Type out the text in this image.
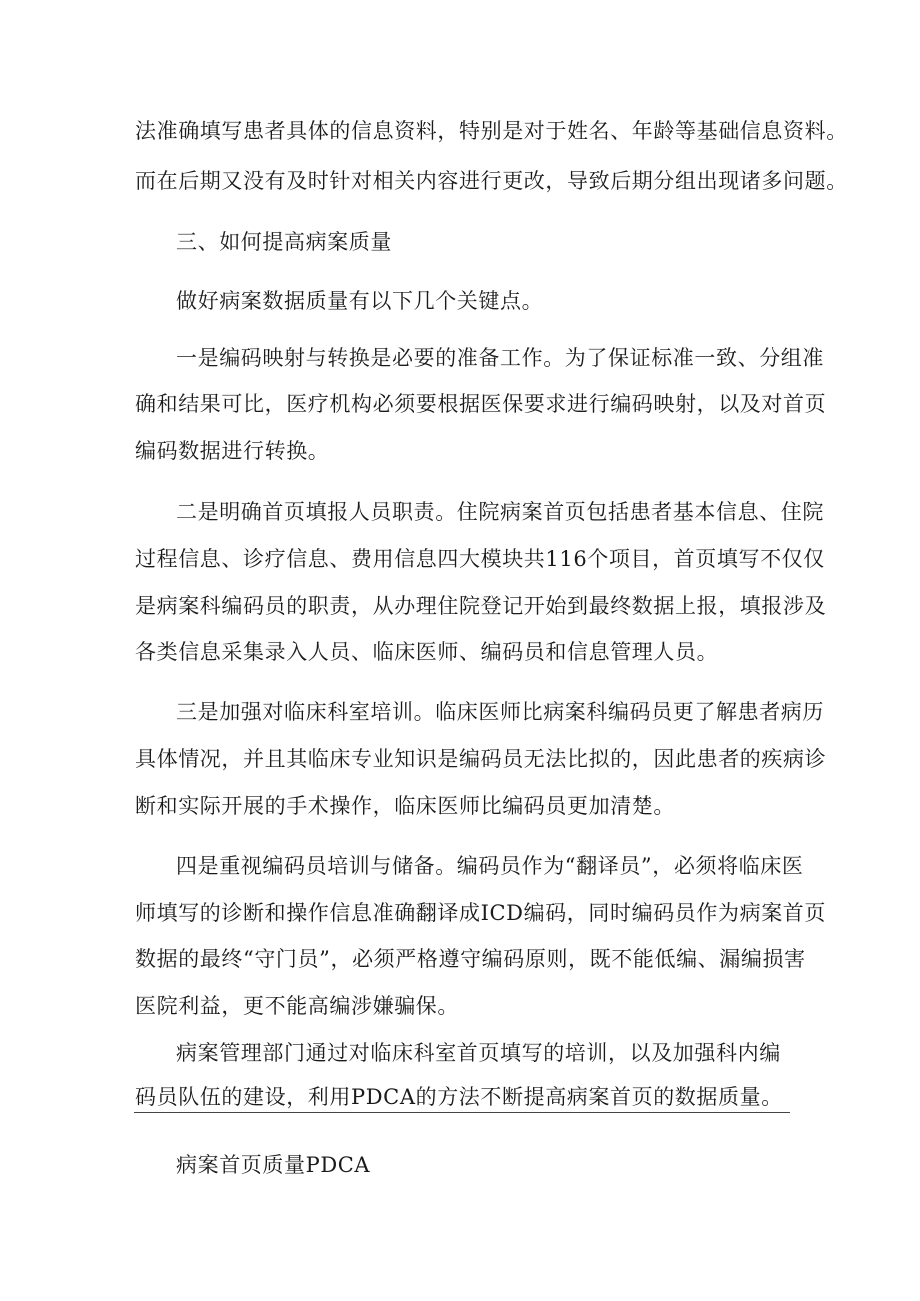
法准确填写患者具体的信息资料，特别是对于姓名、年龄等基础信息资料。
而在后期又没有及时针对相关内容进行更改，导致后期分组出现诸多问题。
三、如何提高病案质量
做好病案数据质量有以下几个关键点。
一是编码映射与转换是必要的准备工作。为了保证标准一致、分组准
确和结果可比，医疗机构必须要根据医保要求进行编码映射，以及对首页
编码数据进行转换。
二是明确首页填报人员职责。住院病案首页包括患者基本信息、住院
过程信息、诊疗信息、费用信息四大模块共116个项目，首页填写不仅仅
是病案科编码员的职责，从办理住院登记开始到最终数据上报，填报涉及
各类信息采集录入人员、临床医师、编码员和信息管理人员。
三是加强对临床科室培训。临床医师比病案科编码员更了解患者病历
具体情况，并且其临床专业知识是编码员无法比拟的，因此患者的疾病诊
断和实际开展的手术操作，临床医师比编码员更加清楚。
四是重视编码员培训与储备。编码员作为“翻译员”，必须将临床医
师填写的诊断和操作信息准确翻译成ICD编码，同时编码员作为病案首页
数据的最终“守门员”，必须严格遵守编码原则，既不能低编、漏编损害
医院利益，更不能高编涉嫌骗保。
病案管理部门通过对临床科室首页填写的培训，以及加强科内编
码员队伍的建设，利用PDCA的方法不断提高病案首页的数据质量。
病案首页质量PDCA
